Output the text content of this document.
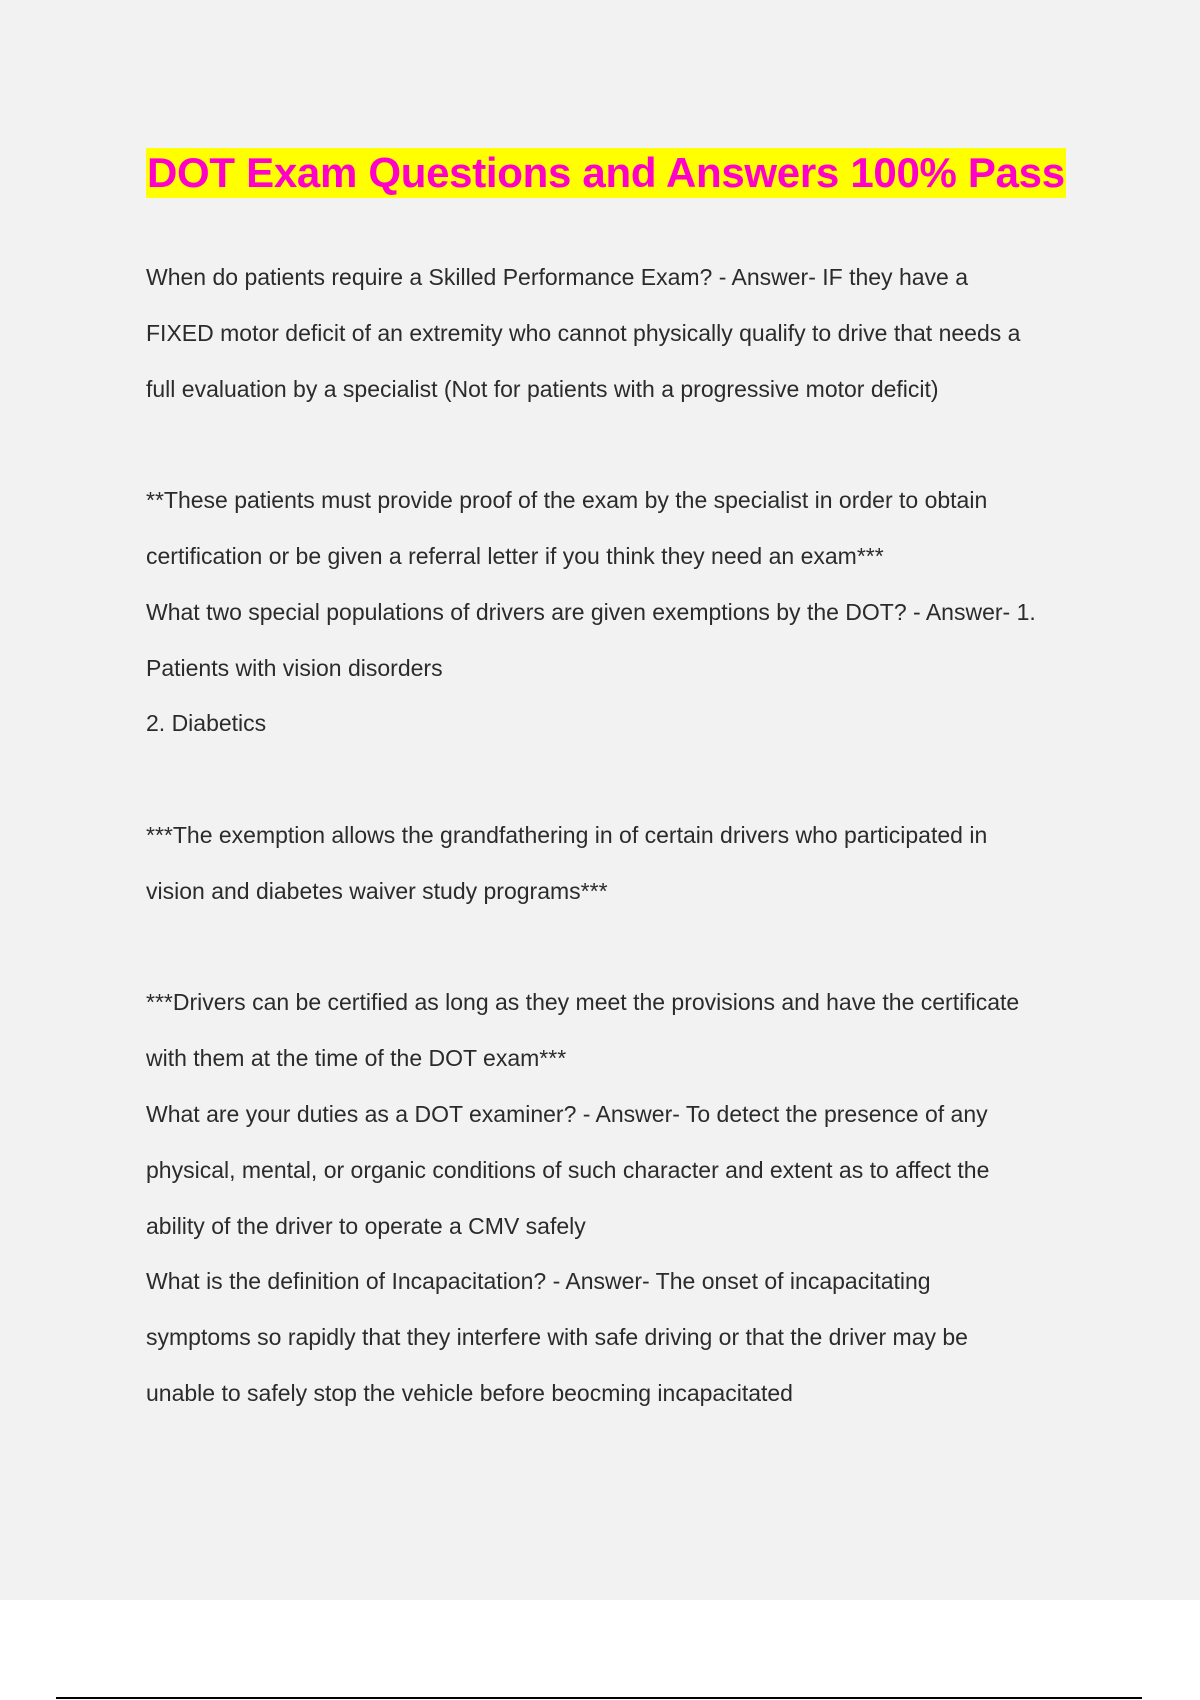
DOT Exam Questions and Answers 100% Pass
When do patients require a Skilled Performance Exam? - Answer- IF they have a
FIXED motor deficit of an extremity who cannot physically qualify to drive that needs a
full evaluation by a specialist (Not for patients with a progressive motor deficit)
**These patients must provide proof of the exam by the specialist in order to obtain
certification or be given a referral letter if you think they need an exam***
What two special populations of drivers are given exemptions by the DOT? - Answer- 1.
Patients with vision disorders
2. Diabetics
***The exemption allows the grandfathering in of certain drivers who participated in
vision and diabetes waiver study programs***
***Drivers can be certified as long as they meet the provisions and have the certificate
with them at the time of the DOT exam***
What are your duties as a DOT examiner? - Answer- To detect the presence of any
physical, mental, or organic conditions of such character and extent as to affect the
ability of the driver to operate a CMV safely
What is the definition of Incapacitation? - Answer- The onset of incapacitating
symptoms so rapidly that they interfere with safe driving or that the driver may be
unable to safely stop the vehicle before beocming incapacitated
